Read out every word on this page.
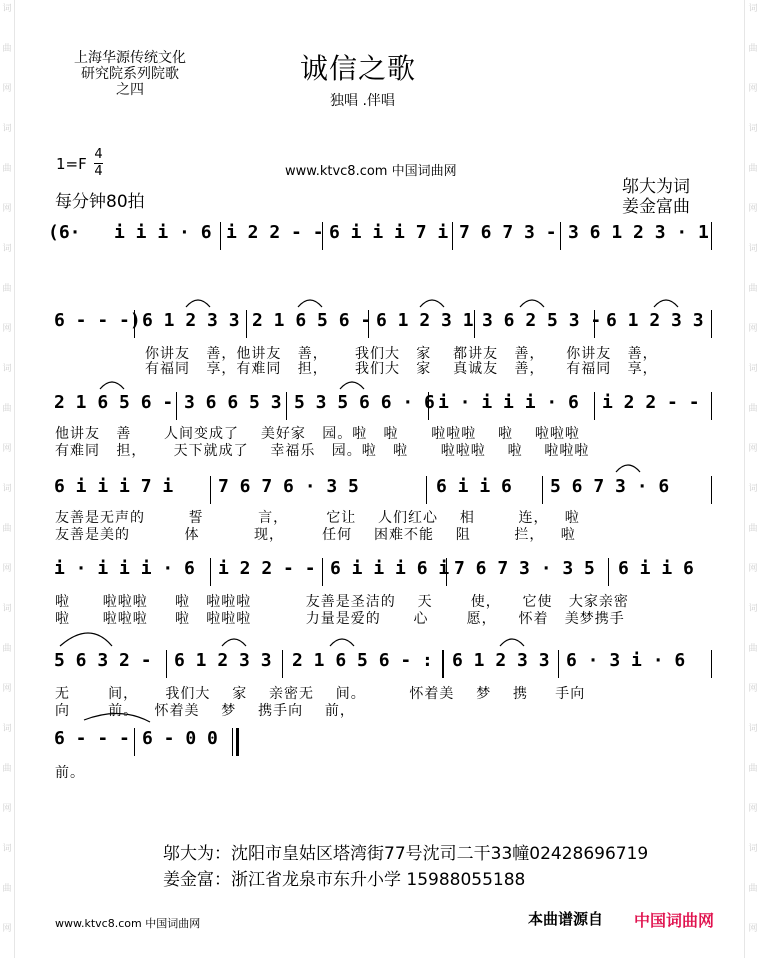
词
曲
网
词
曲
网
词
曲
网
词
曲
网
词
曲
网
词
曲
网
词
曲
网
词
曲
网
词
曲
网
词
曲
网
词
曲
网
词
曲
网
词
曲
网
词
曲
网
词
曲
网
词
曲
网
上海华源传统文化
研究院系列院歌
之四
诚信之歌
独唱 .伴唱
1=F
4
4
每分钟80拍
www.ktvc8.com 中国词曲网
邬大为词
姜金富曲
(6· i i i · 6 i 2 2 - - 6 i i i 7 i 7 6 7 3 - 3 6 1 2 3 · 1
6 - - -) 6 1 2 3 3 2 1 6 5 6 - 6 1 2 3 1 3 6 2 5 3 - 6 1 2 3 3
2 1 6 5 6 - 3 6 6 5 3 5 3 5 6 6 · 6 i · i i i · 6 i 2 2 - -
6 i i i 7 i 7 6 7 6 · 3 5	6 i i 6 5 6 7 3 · 6
i · i i i · 6 i 2 2 - - 6 i i i 6 i 7 6 7 3 · 3 5 6 i i 6
5 6 3 2 - 6 1 2 3 3 2 1 6 5 6 - : 6 1 2 3 3 6 · 3 i · 6
6 - - - 6 - 0 0
你讲友   善，他讲友   善，     我们大   家    都讲友   善，    你讲友   善，
有福同   享，有难同   担，     我们大   家    真诚友   善，    有福同   享，
他讲友   善      人间变成了    美好家   园。啦   啦      啦啦啦    啦    啦啦啦
有难同   担，     天下就成了    幸福乐   园。啦   啦      啦啦啦    啦    啦啦啦
友善是无声的        誓          言，       它让    人们红心    相        连，   啦
友善是美的          体          现，       任何    困难不能    阻        拦，   啦
啦      啦啦啦     啦   啦啦啦          友善是圣洁的    天       使，    它使   大家亲密
啦      啦啦啦     啦   啦啦啦          力量是爱的      心       愿，    怀着   美梦携手
无       间，     我们大    家    亲密无    间。        怀着美    梦    携     手向
向       前。   怀着美    梦    携手向    前，
前。
邬大为：沈阳市皇姑区塔湾街77号沈司二干33幢02428696719
姜金富：浙江省龙泉市东升小学 15988055188
www.ktvc8.com 中国词曲网	本曲谱源自 中国词曲网
